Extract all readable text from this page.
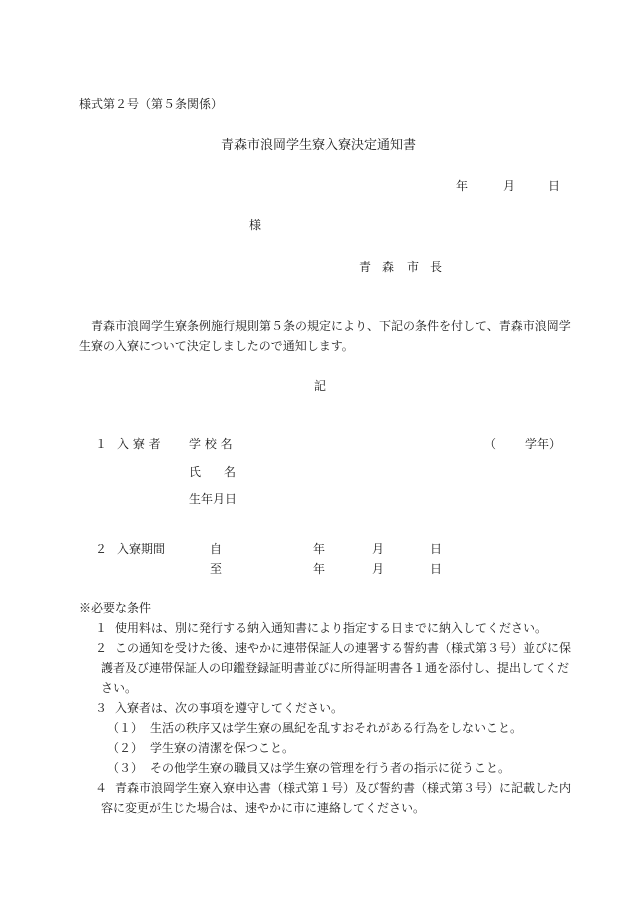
様式第２号（第５条関係）
青森市浪岡学生寮入寮決定通知書
年	月	日
様
青 森 市 長
青森市浪岡学生寮条例施行規則第５条の規定により、下記の条件を付して、青森市浪岡学
生寮の入寮について決定しましたので通知します。
記
１ 入 寮 者 学 校 名	（ 学年）
氏 名
生年月日
２ 入寮期間	自	年	月	日
至	年	月	日
※必要な条件
１ 使用料は、別に発行する納入通知書により指定する日までに納入してください。
２ この通知を受けた後、速やかに連帯保証人の連署する誓約書（様式第３号）並びに保
護者及び連帯保証人の印鑑登録証明書並びに所得証明書各１通を添付し、提出してくだ
さい。
３ 入寮者は、次の事項を遵守してください。
（１） 生活の秩序又は学生寮の風紀を乱すおそれがある行為をしないこと。
（２） 学生寮の清潔を保つこと。
（３） その他学生寮の職員又は学生寮の管理を行う者の指示に従うこと。
４ 青森市浪岡学生寮入寮申込書（様式第１号）及び誓約書（様式第３号）に記載した内
容に変更が生じた場合は、速やかに市に連絡してください。
